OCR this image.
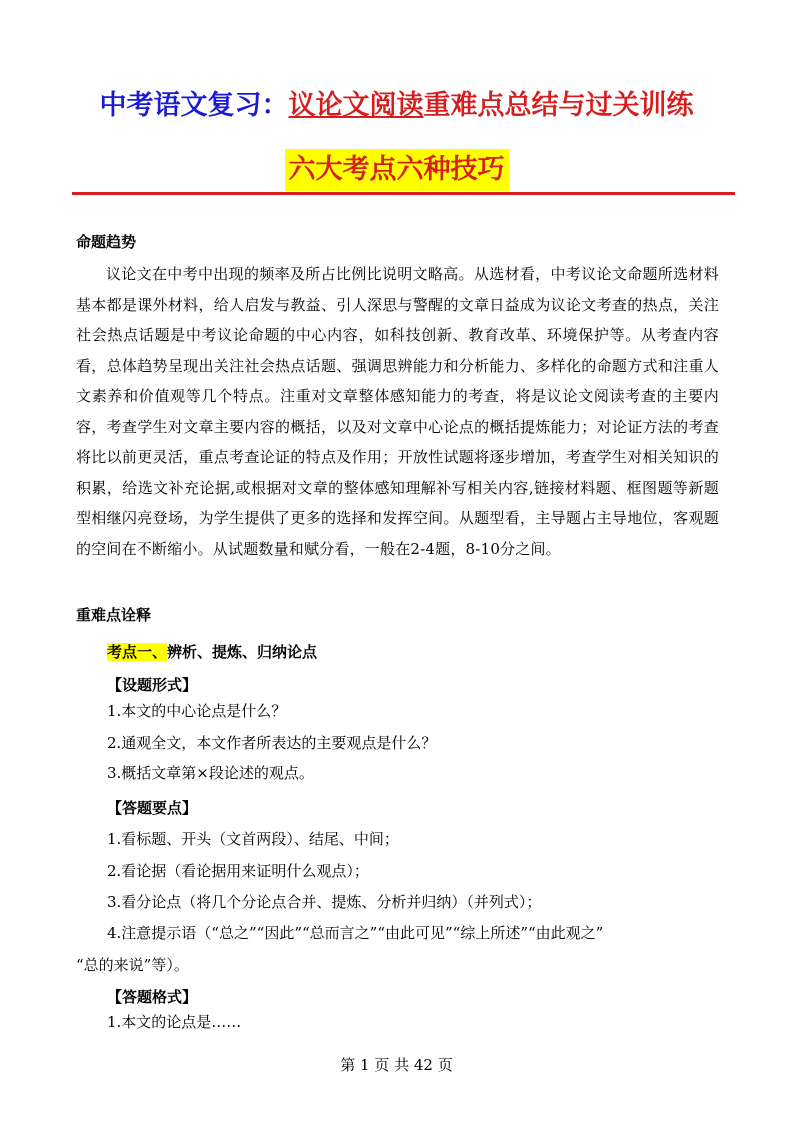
中考语文复习：议论文阅读重难点总结与过关训练
六大考点六种技巧
命题趋势

议论文在中考中出现的频率及所占比例比说明文略高。从选材看，中考议论文命题所选材料基本都是课外材料，给人启发与教益、引人深思与警醒的文章日益成为议论文考查的热点，关注社会热点话题是中考议论命题的中心内容，如科技创新、教育改革、环境保护等。从考查内容看，总体趋势呈现出关注社会热点话题、强调思辨能力和分析能力、多样化的命题方式和注重人文素养和价值观等几个特点。注重对文章整体感知能力的考查，将是议论文阅读考查的主要内容，考查学生对文章主要内容的概括，以及对文章中心论点的概括提炼能力；对论证方法的考查将比以前更灵活，重点考查论证的特点及作用；开放性试题将逐步增加，考查学生对相关知识的积累，给选文补充论据,或根据对文章的整体感知理解补写相关内容,链接材料题、框图题等新题型相继闪亮登场，为学生提供了更多的选择和发挥空间。从题型看，主导题占主导地位，客观题的空间在不断缩小。从试题数量和赋分看，一般在2-4题，8-10分之间。

重难点诠释
考点一、辨析、提炼、归纳论点
【设题形式】
1.本文的中心论点是什么？
2.通观全文，本文作者所表达的主要观点是什么？
3.概括文章第×段论述的观点。
【答题要点】
1.看标题、开头（文首两段）、结尾、中间；
2.看论据（看论据用来证明什么观点）；
3.看分论点（将几个分论点合并、提炼、分析并归纳）（并列式）；
4.注意提示语（“总之”“因此”“总而言之”“由此可见”“综上所述”“由此观之”
“总的来说”等）。
【答题格式】
1.本文的论点是……
第 1 页 共 42 页
